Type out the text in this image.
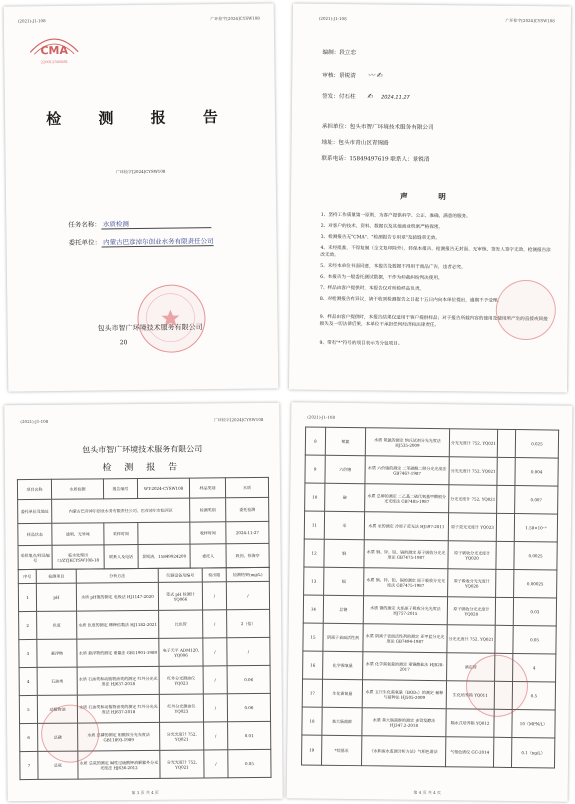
(2021)-J1-108	广环检字[2024]CYSW108
CMA
220012345681
检 测 报 告
广环检字[2024]CYSW108
任务名称： 水质检测
委托单位： 内蒙古巴彦淖尔创业水务有限责任公司
包头市智广环境技术服务有限公司
20
(2021)-J1-108	广环检字[2024]CYSW108
编制：段立恋
审核：景锐清 〰︎ ✍
签发：付石柱 ✍ 2024.11.27
承担单位：包头市智广环境技术服务有限公司
地址：包头市青山区青锦路
联系电话：15849497619 联系人：景锐清
声 明
1、坚持工作质量第一原则，为客户提供科学、公正、准确、满意的服务。
2、对客户的技术、资料、数据以及其他商业机密严格保密。
3、检测报告无"CMA"、"检测报告专用章"及骑缝章无效。
4、未经批准，不得复制（全文复印除外），转保本报告，检测报告无封面、无审核、签发人签字无效，检测报告涂改无效。
5、未经本单位书面同意，本报告及数据不得用于商品广告，违者必究。
6、本报告为一般委托测试数据，不作为仲裁纠纷判决使用。
7、样品由客户提供时，本报告仅对所检样品负责。
8、对检测报告有异议，请于收到检测报告之日起十五日内向本单位提出，逾期不予受理。
9、样品由客户提供时，本报告结果仅适用于客户提供样品；对于报告所载内容的使用及使用所产生的直接或间接损失及一切法律后果，本单位不承担任何经济和法律责任。
9、带有"*"符号的项目表示为分包项目。
(2021)-J1-108	广环检字[2024]CYSW108
包头市智广环境技术服务有限公司
检 测 报 告
项目名称	水质检测	报告编号	WT-2024-CYSW108	样品类别	水质
委托单位及地址	内蒙古巴彦淖尔创业水务有限责任公司，巴彦淖尔市临河区			检测类别	委托检测
样品状态	透明、无异味	采样时间		收样时间	2024-11-27
采样地点/样品编号	临水处理出口/ZYJKCYSW108-18	联系人及电话	景锐清，15849924209	委托人	段剑，徐海亭
序号	检测项目	分析方法	仪器设备及编号	检出限	检测结果(mg/L)
1	pH	水质 pH值的测定 电极法 HJ1147-2020	笔式 pH 检测计 YQ066	/	/
2	色度	水质 色度的测定 稀释倍数法 HJ1182-2021	比色管	/	2（倍）
3	悬浮物	水质 悬浮物的测定 重量法 GB11901-1989	电子天平 ADM120, YQ006	/	/
4	石油类	水质 石油类和动植物油类的测定 红外分光光度法 HJ637-2018	红外分光测油仪 YQ023	/	0.06
5	动植物油	水质 石油类和动植物油类的测定 红外分光光度法 HJ637-2018	红外分光测油仪 YQ023	/	0.06
6	总磷	水质 总磷的测定 钼酸铵分光光度法 GB11893-1989	分光光度计 752, YQ021	/	0.01
7	总氮	水质 总氮的测定 碱性过硫酸钾消解紫外分光光度法 HJ636-2012	分光光度计 752, YQ021	/	0.05
第 3 页 共 4 页
(2021)-J1-108
8	氨氮	水质 氨氮的测定 纳氏试剂分光光度法 HJ535-2009	分光光度计 752, YQ021		0.025
9	六价铬	水质 六价铬的测定 二苯碳酰二肼分光光度法 GB7467-1987	分光光度计 752, YQ021		0.004
10	砷	水质 总砷的测定 二乙基二硫代氨基甲酸银分光光度法 GB7485-1987	分光光度计 752, YQ021		0.007
11	汞	水质 汞的测定 冷原子荧光法 HJ597-2011	原子荧光光度计 YQ023		1.58×10⁻⁵
12	铜	水质 铜、锌、铅、镉的测定 原子吸收分光光度法 GB7475-1987	原子吸收分光光度计 YQ020		0.0025
13	镉	水质 铜、锌、铅、镉的测定 原子吸收分光光度法 GB7475-1987	原子吸收分光光度计 YQ020		0.00025
14	总铬	水质 铬的测定 火焰原子吸收分光光度法 HJ757-2015	原子吸收分光光度计 YQ020		0.03
15	阴离子表面活性剂	水质 阴离子表面活性剂的测定 亚甲蓝分光光度法 GB7494-1987	分光光度计 752, YQ021		0.05
16	化学需氧量	水质 化学需氧量的测定 重铬酸盐法 HJ828-2017	滴定管		4
17	生化需氧量	水质 五日生化需氧量（BOD₅）的测定 稀释与接种法 HJ505-2009	生化培养箱 YQ011		0.5
18	粪大肠菌群	水质 粪大肠菌群的测定 多管发酵法 HJ347.2-2018	隔水式培养箱 YQ012		10（MPN/L）
19	*烷基汞	《水和废水监测分析方法》气相色谱法	气相色谱仪 GC-2014		0.1（ng/L）
第 4 页 共 4 页
